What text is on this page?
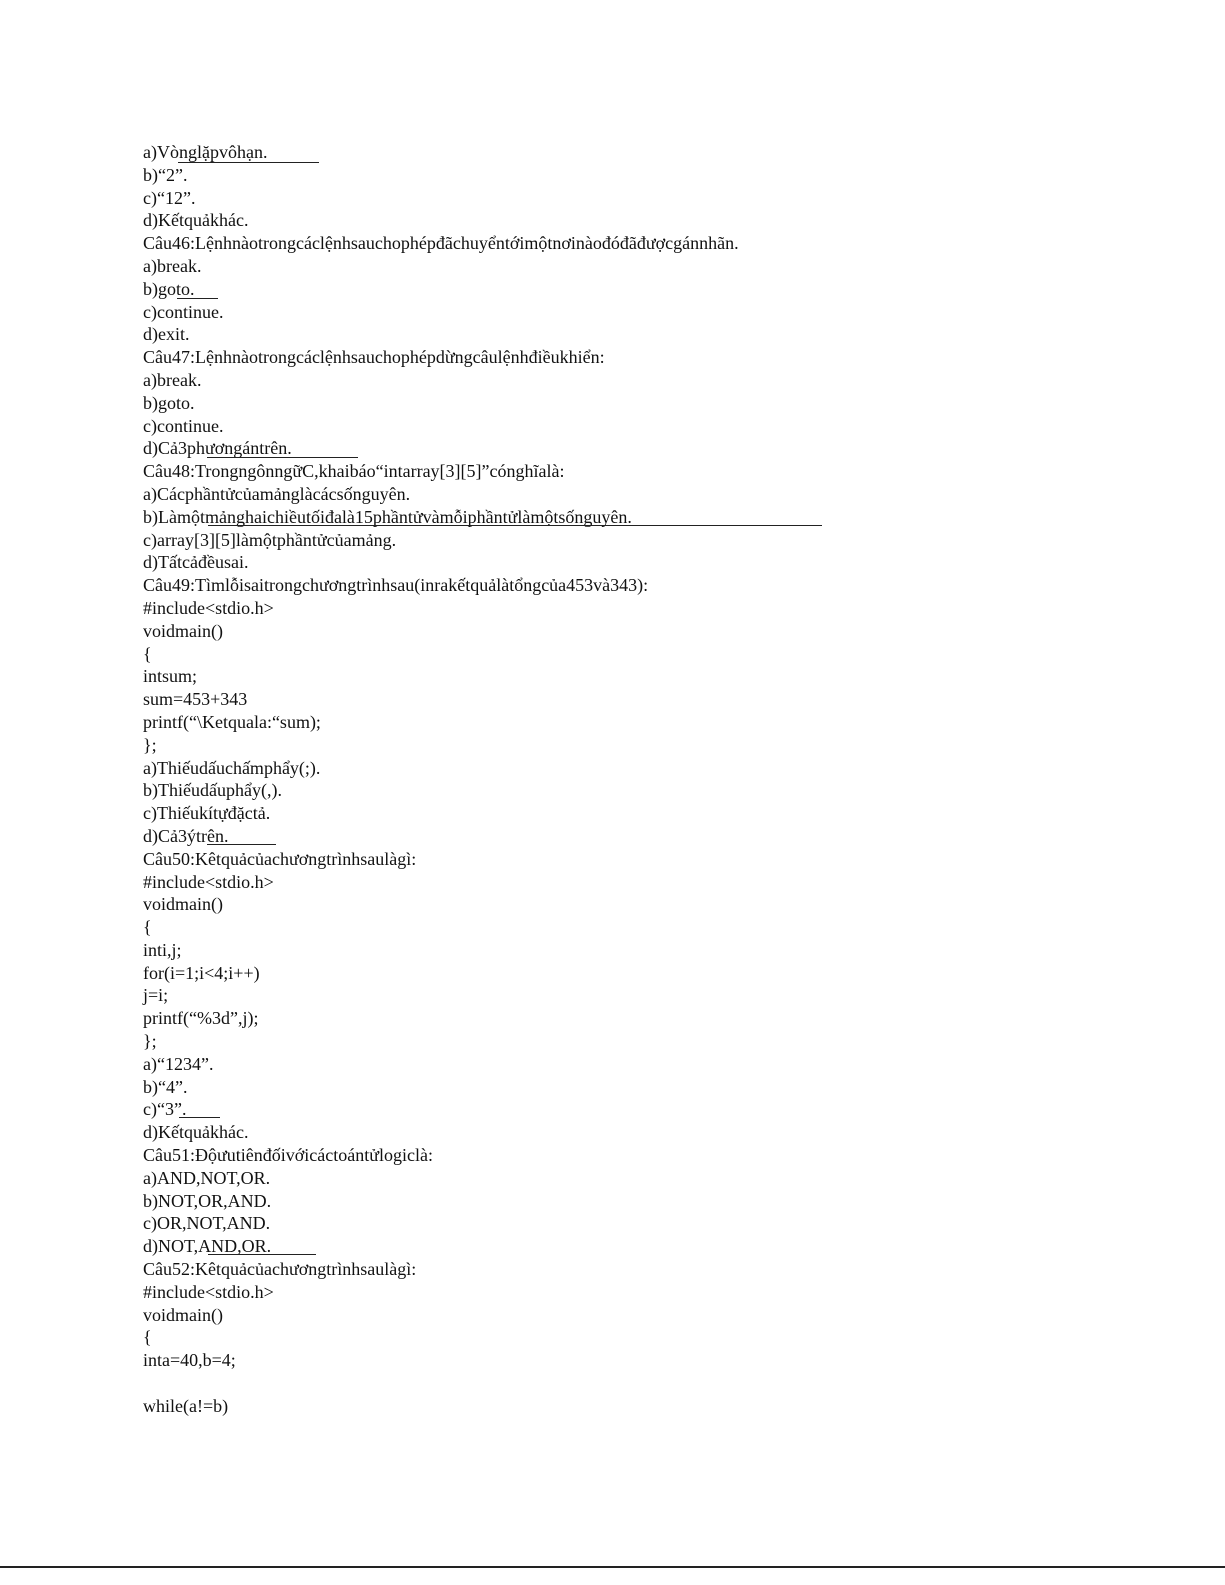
a)Vònglặpvôhạn.
b)“2”.
c)“12”.
d)Kếtquảkhác.
Câu46:Lệnhnàotrongcáclệnhsauchophépđãchuyểntớimộtnơinàođóđãđượcgánnhãn.
a)break.
b)goto.
c)continue.
d)exit.
Câu47:Lệnhnàotrongcáclệnhsauchophépdừngcâulệnhđiềukhiển:
a)break.
b)goto.
c)continue.
d)Cả3phươngántrên.
Câu48:TrongngônngữC,khaibáo“intarray[3][5]”cónghĩalà:
a)Cácphầntửcủamảnglàcácsốnguyên.
b)Làmộtmảnghaichiềutốiđalà15phầntửvàmỗiphầntửlàmộtsốnguyên.
c)array[3][5]làmộtphầntửcủamảng.
d)Tấtcảđềusai.
Câu49:Tìmlỗisaitrongchươngtrìnhsau(inrakếtquảlàtổngcủa453và343):
#include<stdio.h>
voidmain()
{
intsum;
sum=453+343
printf(“\Ketquala:“sum);
};
a)Thiếudấuchấmphẩy(;).
b)Thiếudấuphẩy(,).
c)Thiếukítựđặctả.
d)Cả3ýtrên.
Câu50:Kêtquảcủachươngtrìnhsaulàgì:
#include<stdio.h>
voidmain()
{
inti,j;
for(i=1;i<4;i++)
j=i;
printf(“%3d”,j);
};
a)“1234”.
b)“4”.
c)“3”.
d)Kếtquảkhác.
Câu51:Độưutiênđốivớicáctoántửlogiclà:
a)AND,NOT,OR.
b)NOT,OR,AND.
c)OR,NOT,AND.
d)NOT,AND,OR.
Câu52:Kêtquảcủachươngtrìnhsaulàgì:
#include<stdio.h>
voidmain()
{
inta=40,b=4;
while(a!=b)
